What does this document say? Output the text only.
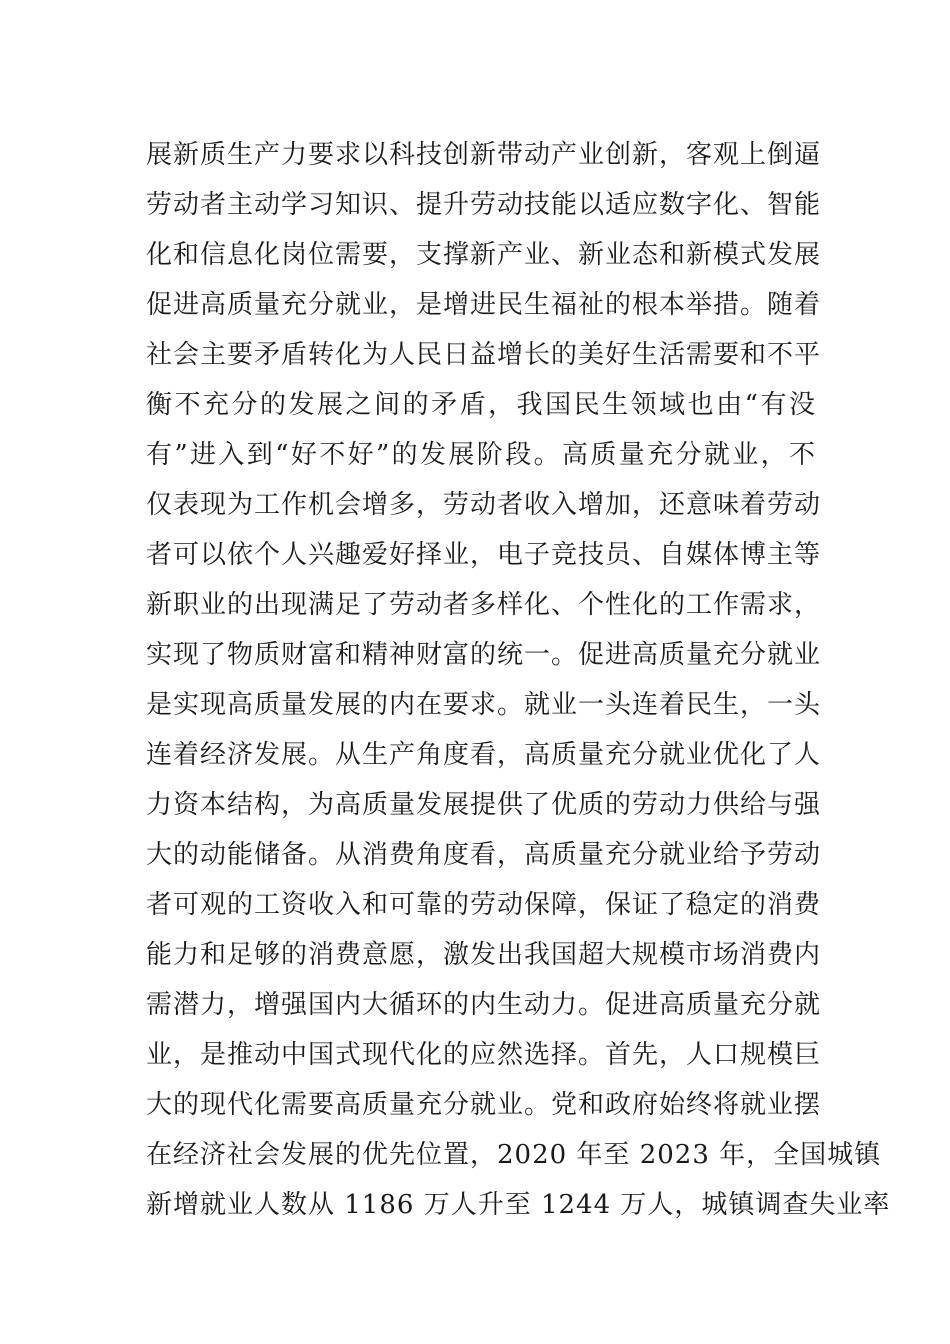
展新质生产力要求以科技创新带动产业创新，客观上倒逼
劳动者主动学习知识、提升劳动技能以适应数字化、智能
化和信息化岗位需要，支撑新产业、新业态和新模式发展
促进高质量充分就业，是增进民生福祉的根本举措。随着
社会主要矛盾转化为人民日益增长的美好生活需要和不平
衡不充分的发展之间的矛盾，我国民生领域也由“有没
有”进入到“好不好”的发展阶段。高质量充分就业，不
仅表现为工作机会增多，劳动者收入增加，还意味着劳动
者可以依个人兴趣爱好择业，电子竞技员、自媒体博主等
新职业的出现满足了劳动者多样化、个性化的工作需求，
实现了物质财富和精神财富的统一。促进高质量充分就业
是实现高质量发展的内在要求。就业一头连着民生，一头
连着经济发展。从生产角度看，高质量充分就业优化了人
力资本结构，为高质量发展提供了优质的劳动力供给与强
大的动能储备。从消费角度看，高质量充分就业给予劳动
者可观的工资收入和可靠的劳动保障，保证了稳定的消费
能力和足够的消费意愿，激发出我国超大规模市场消费内
需潜力，增强国内大循环的内生动力。促进高质量充分就
业，是推动中国式现代化的应然选择。首先，人口规模巨
大的现代化需要高质量充分就业。党和政府始终将就业摆
在经济社会发展的优先位置，2020 年至 2023 年，全国城镇
新增就业人数从 1186 万人升至 1244 万人，城镇调查失业率
